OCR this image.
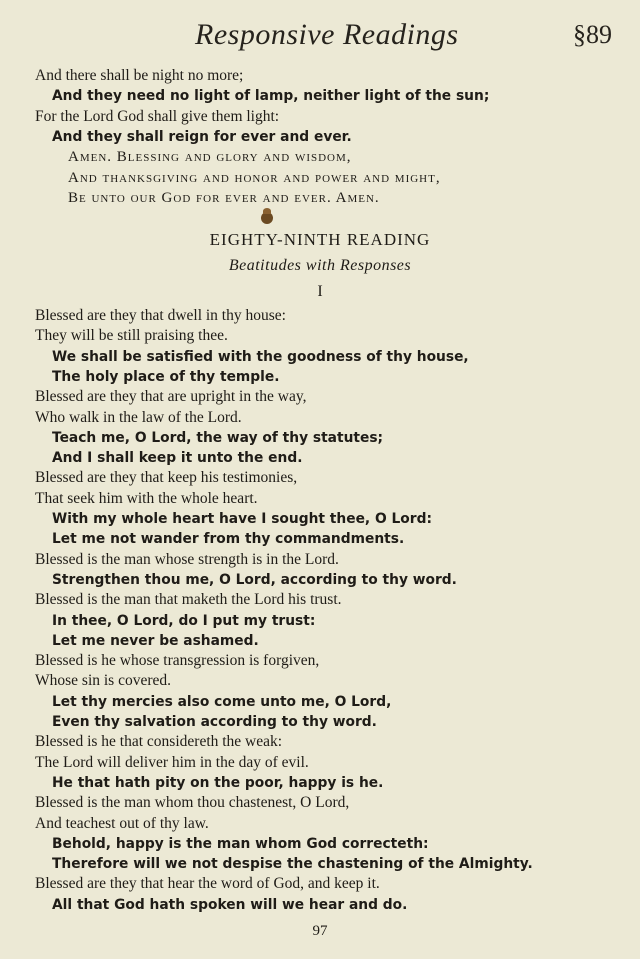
Responsive Readings	§89
And there shall be night no more;
And they need no light of lamp, neither light of the sun;
For the Lord God shall give them light:
And they shall reign for ever and ever.
Amen. Blessing and glory and wisdom,
And thanksgiving and honor and power and might,
Be unto our God for ever and ever. Amen.
EIGHTY-NINTH READING
Beatitudes with Responses
I
Blessed are they that dwell in thy house:
They will be still praising thee.
We shall be satisfied with the goodness of thy house,
The holy place of thy temple.
Blessed are they that are upright in the way,
Who walk in the law of the Lord.
Teach me, O Lord, the way of thy statutes;
And I shall keep it unto the end.
Blessed are they that keep his testimonies,
That seek him with the whole heart.
With my whole heart have I sought thee, O Lord:
Let me not wander from thy commandments.
Blessed is the man whose strength is in the Lord.
Strengthen thou me, O Lord, according to thy word.
Blessed is the man that maketh the Lord his trust.
In thee, O Lord, do I put my trust:
Let me never be ashamed.
Blessed is he whose transgression is forgiven,
Whose sin is covered.
Let thy mercies also come unto me, O Lord,
Even thy salvation according to thy word.
Blessed is he that considereth the weak:
The Lord will deliver him in the day of evil.
He that hath pity on the poor, happy is he.
Blessed is the man whom thou chastenest, O Lord,
And teachest out of thy law.
Behold, happy is the man whom God correcteth:
Therefore will we not despise the chastening of the Almighty.
Blessed are they that hear the word of God, and keep it.
All that God hath spoken will we hear and do.
97
